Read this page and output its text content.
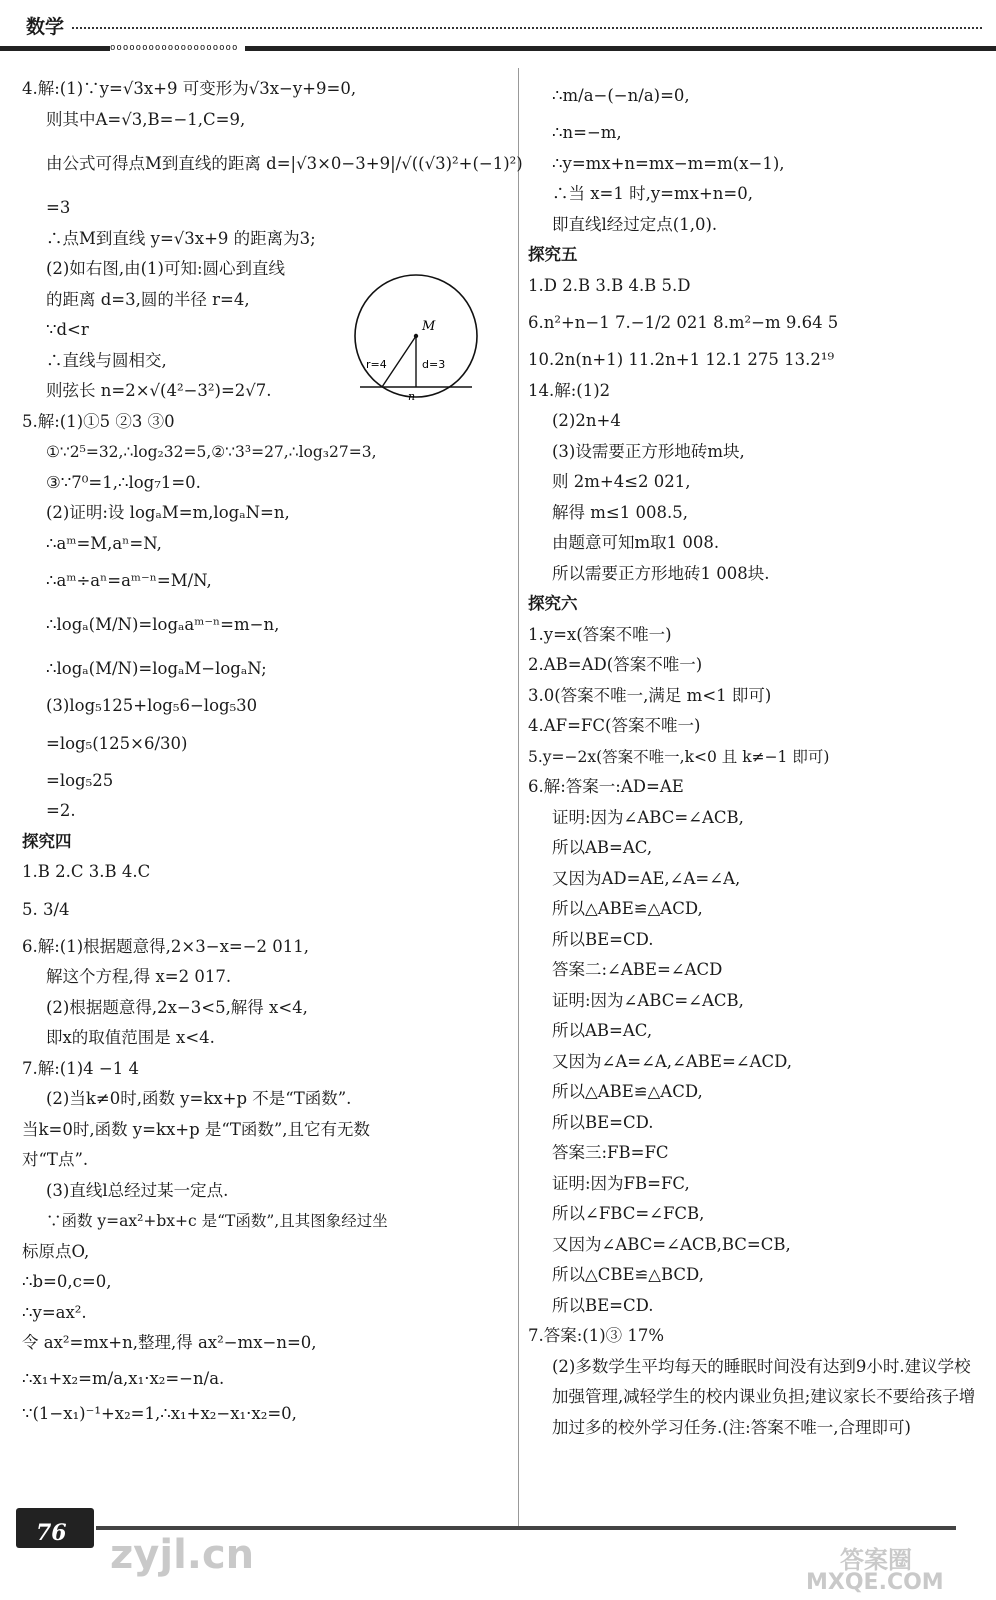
数学
oooooooooooooooooooo
4.解:(1)∵y=√3x+9 可变形为√3x−y+9=0,
则其中A=√3,B=−1,C=9,
由公式可得点M到直线的距离 d=|√3×0−3+9|/√((√3)²+(−1)²)
=3
∴点M到直线 y=√3x+9 的距离为3;
(2)如右图,由(1)可知:圆心到直线
的距离 d=3,圆的半径 r=4,
∵d<r
∴直线与圆相交,
则弦长 n=2×√(4²−3²)=2√7.
5.解:(1)①5 ②3 ③0
①∵2⁵=32,∴log₂32=5,②∵3³=27,∴log₃27=3,
③∵7⁰=1,∴log₇1=0.
(2)证明:设 logₐM=m,logₐN=n,
∴aᵐ=M,aⁿ=N,
∴aᵐ÷aⁿ=aᵐ⁻ⁿ=M/N,
∴logₐ(M/N)=logₐaᵐ⁻ⁿ=m−n,
∴logₐ(M/N)=logₐM−logₐN;
(3)log₅125+log₅6−log₅30
=log₅(125×6/30)
=log₅25
=2.
探究四
1.B 2.C 3.B 4.C
5. 3/4
6.解:(1)根据题意得,2×3−x=−2 011,
解这个方程,得 x=2 017.
(2)根据题意得,2x−3<5,解得 x<4,
即x的取值范围是 x<4.
7.解:(1)4 −1 4
(2)当k≠0时,函数 y=kx+p 不是“T函数”.
当k=0时,函数 y=kx+p 是“T函数”,且它有无数
对“T点”.
(3)直线l总经过某一定点.
∵函数 y=ax²+bx+c 是“T函数”,且其图象经过坐
标原点O,
∴b=0,c=0,
∴y=ax².
令 ax²=mx+n,整理,得 ax²−mx−n=0,
∴x₁+x₂=m/a,x₁·x₂=−n/a.
∵(1−x₁)⁻¹+x₂=1,∴x₁+x₂−x₁·x₂=0,
M
r=4	d=3
n
∴m/a−(−n/a)=0,
∴n=−m,
∴y=mx+n=mx−m=m(x−1),
∴当 x=1 时,y=mx+n=0,
即直线l经过定点(1,0).
探究五
1.D 2.B 3.B 4.B 5.D
6.n²+n−1 7.−1/2 021 8.m²−m 9.64 5
10.2n(n+1) 11.2n+1 12.1 275 13.2¹⁹
14.解:(1)2
(2)2n+4
(3)设需要正方形地砖m块,
则 2m+4≤2 021,
解得 m≤1 008.5,
由题意可知m取1 008.
所以需要正方形地砖1 008块.
探究六
1.y=x(答案不唯一)
2.AB=AD(答案不唯一)
3.0(答案不唯一,满足 m<1 即可)
4.AF=FC(答案不唯一)
5.y=−2x(答案不唯一,k<0 且 k≠−1 即可)
6.解:答案一:AD=AE
证明:因为∠ABC=∠ACB,
所以AB=AC,
又因为AD=AE,∠A=∠A,
所以△ABE≌△ACD,
所以BE=CD.
答案二:∠ABE=∠ACD
证明:因为∠ABC=∠ACB,
所以AB=AC,
又因为∠A=∠A,∠ABE=∠ACD,
所以△ABE≌△ACD,
所以BE=CD.
答案三:FB=FC
证明:因为FB=FC,
所以∠FBC=∠FCB,
又因为∠ABC=∠ACB,BC=CB,
所以△CBE≌△BCD,
所以BE=CD.
7.答案:(1)③ 17%
(2)多数学生平均每天的睡眠时间没有达到9小时.建议学校加强管理,减轻学生的校内课业负担;建议家长不要给孩子增加过多的校外学习任务.(注:答案不唯一,合理即可)
76 zyjl.cn	答案圈
MXQE.COM
